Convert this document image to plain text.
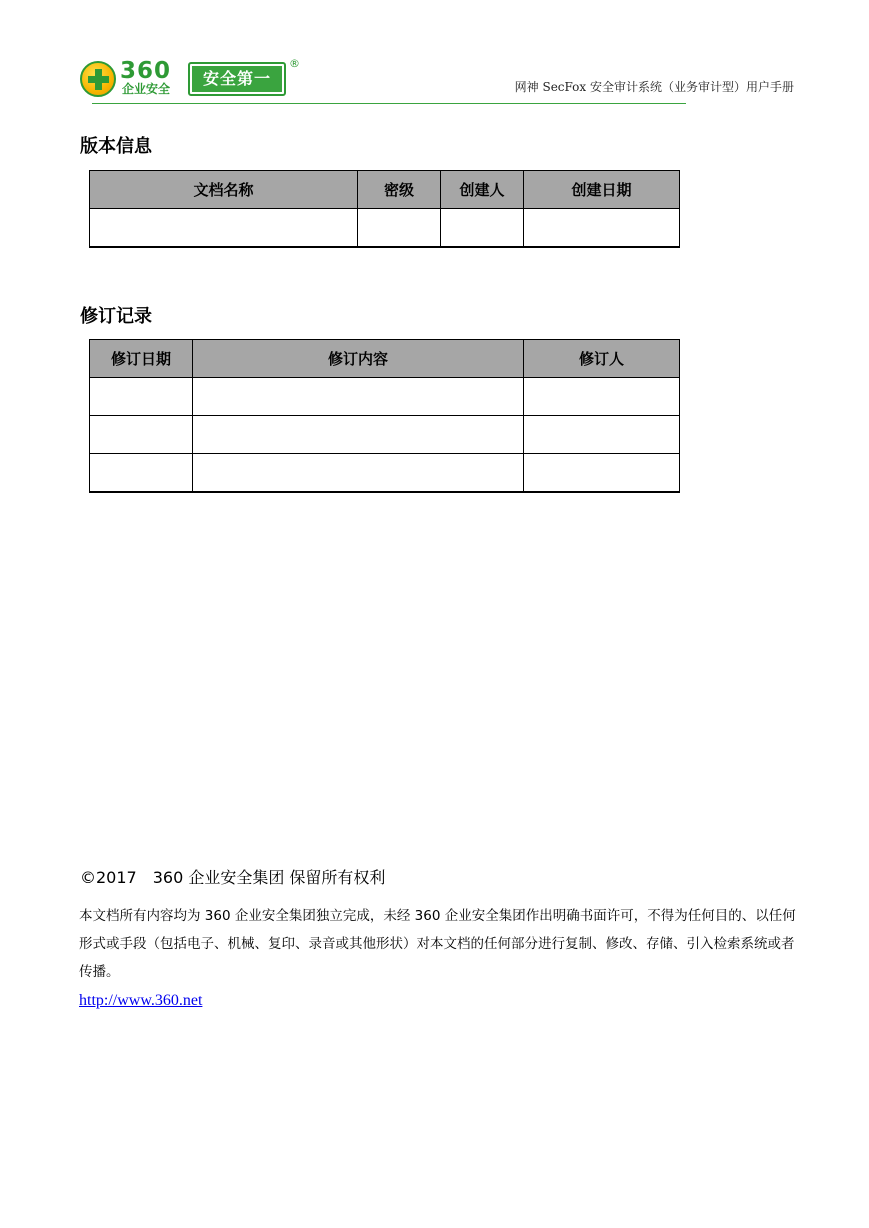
360
企业安全
安全第一
®
网神 SecFox 安全审计系统（业务审计型）用户手册
版本信息
文档名称	密级	创建人	创建日期

修订记录
修订日期	修订内容	修订人

©2017　360 企业安全集团 保留所有权利
本文档所有内容均为 360 企业安全集团独立完成，未经 360 企业安全集团作出明确书面许可，不得为任何目的、以任何形式或手段（包括电子、机械、复印、录音或其他形状）对本文档的任何部分进行复制、修改、存储、引入检索系统或者传播。
http://www.360.net
